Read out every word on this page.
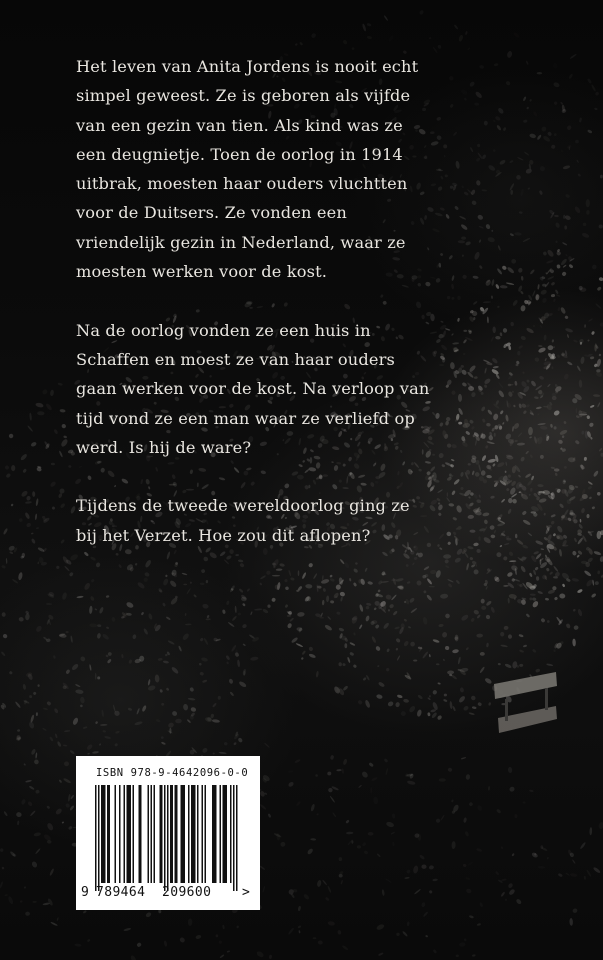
Het leven van Anita Jordens is nooit echt simpel geweest. Ze is geboren als vijfde van een gezin van tien. Als kind was ze een deugnietje. Toen de oorlog in 1914 uitbrak, moesten haar ouders vluchtten voor de Duitsers. Ze vonden een vriendelijk gezin in Nederland, waar ze moesten werken voor de kost.

Na de oorlog vonden ze een huis in Schaffen en moest ze van haar ouders gaan werken voor de kost. Na verloop van tijd vond ze een man waar ze verliefd op werd. Is hij de ware?

Tijdens de tweede wereldoorlog ging ze bij het Verzet. Hoe zou dit aflopen?

ISBN 978-9-4642096-0-0
9 789464 209600 >
